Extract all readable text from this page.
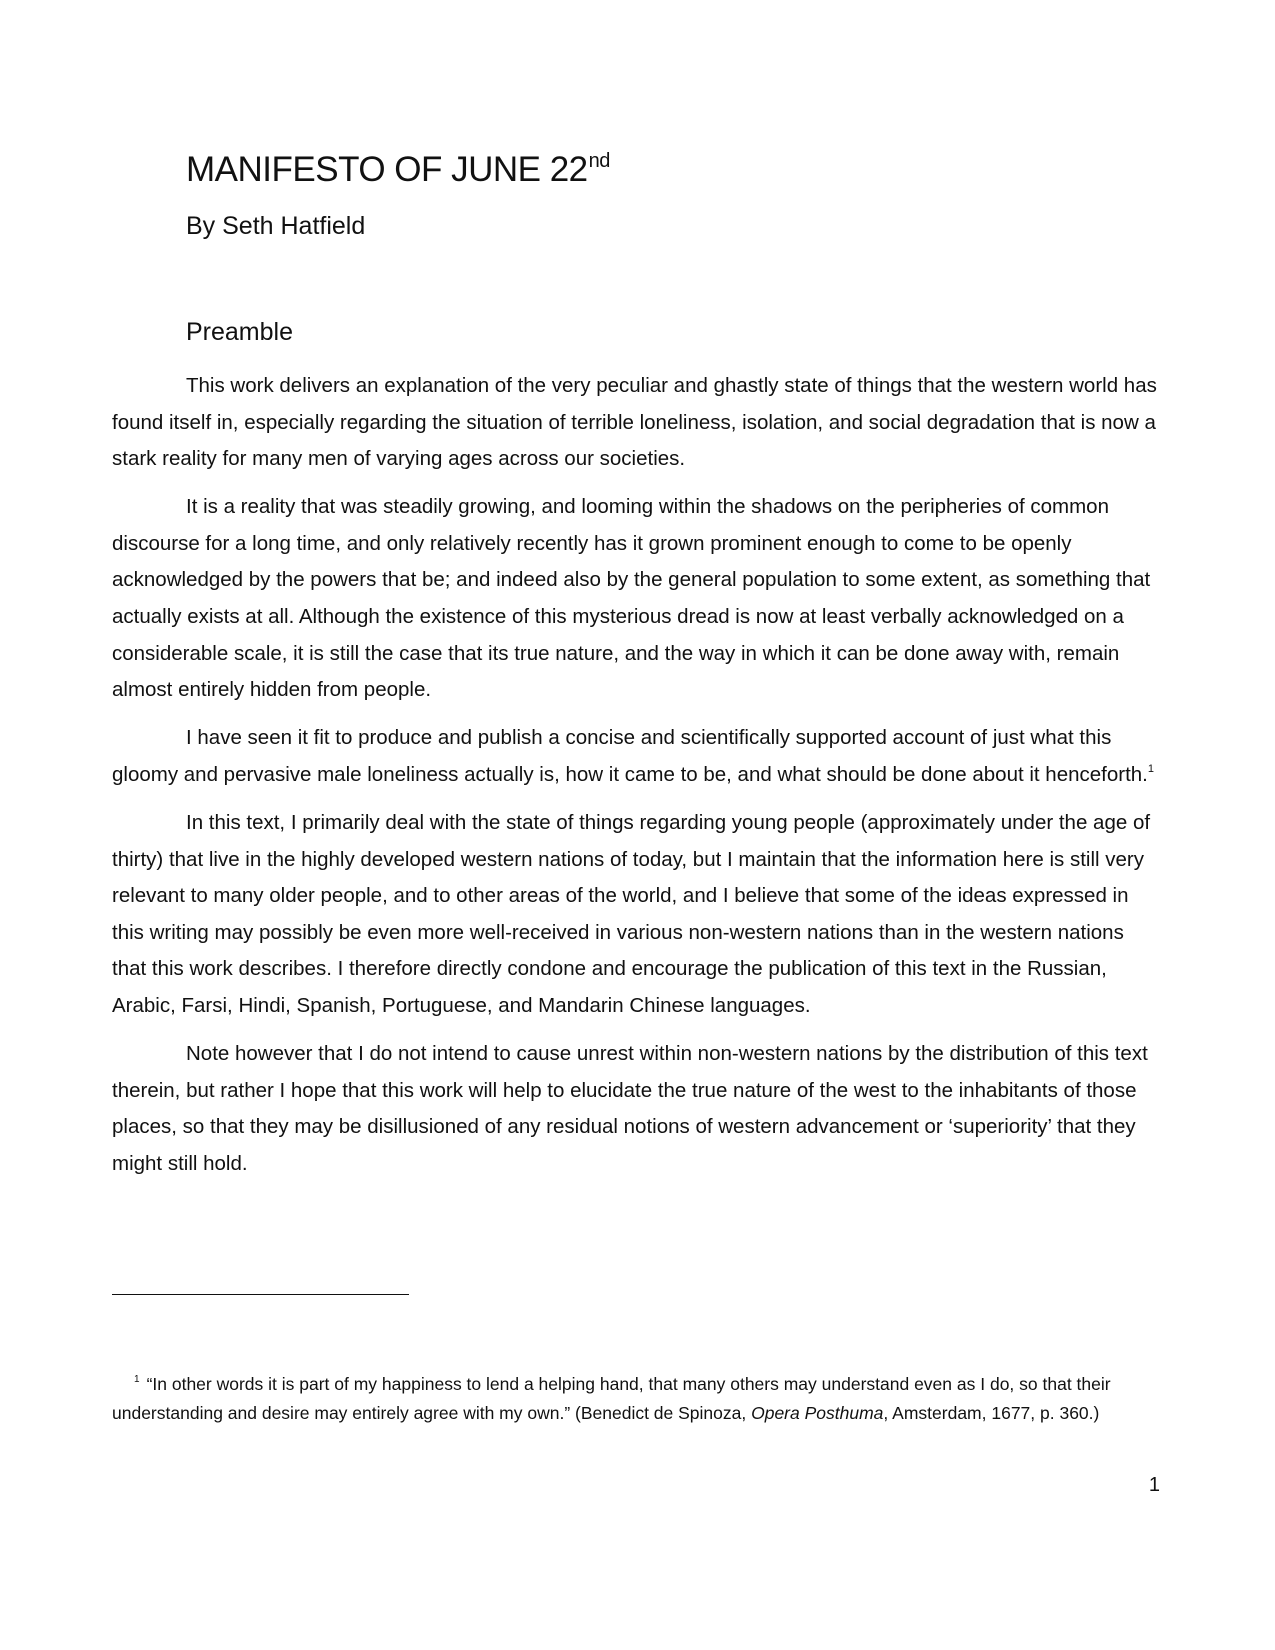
MANIFESTO OF JUNE 22nd
By Seth Hatfield
Preamble

This work delivers an explanation of the very peculiar and ghastly state of things that the western world has found itself in, especially regarding the situation of terrible loneliness, isolation, and social degradation that is now a stark reality for many men of varying ages across our societies.

It is a reality that was steadily growing, and looming within the shadows on the peripheries of common discourse for a long time, and only relatively recently has it grown prominent enough to come to be openly acknowledged by the powers that be; and indeed also by the general population to some extent, as something that actually exists at all. Although the existence of this mysterious dread is now at least verbally acknowledged on a considerable scale, it is still the case that its true nature, and the way in which it can be done away with, remain almost entirely hidden from people.

I have seen it fit to produce and publish a concise and scientifically supported account of just what this gloomy and pervasive male loneliness actually is, how it came to be, and what should be done about it henceforth.$^1$

In this text, I primarily deal with the state of things regarding young people (approximately under the age of thirty) that live in the highly developed western nations of today, but I maintain that the information here is still very relevant to many older people, and to other areas of the world, and I believe that some of the ideas expressed in this writing may possibly be even more well-received in various non-western nations than in the western nations that this work describes. I therefore directly condone and encourage the publication of this text in the Russian, Arabic, Farsi, Hindi, Spanish, Portuguese, and Mandarin Chinese languages.

Note however that I do not intend to cause unrest within non-western nations by the distribution of this text therein, but rather I hope that this work will help to elucidate the true nature of the west to the inhabitants of those places, so that they may be disillusioned of any residual notions of western advancement or ‘superiority’ that they might still hold.

$^1$ “In other words it is part of my happiness to lend a helping hand, that many others may understand even as I do, so that their understanding and desire may entirely agree with my own.” (Benedict de Spinoza, Opera Posthuma, Amsterdam, 1677, p. 360.)
1
